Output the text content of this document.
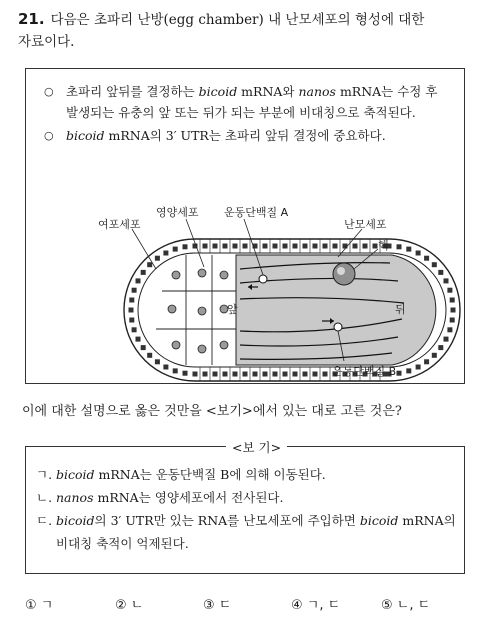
21. 다음은 초파리 난방(egg chamber) 내 난모세포의 형성에 대한
자료이다.
○ 초파리 앞뒤를 결정하는 bicoid mRNA와 nanos mRNA는 수정 후 발생되는 유충의 앞 또는 뒤가 되는 부분에 비대칭으로 축적된다.
○ bicoid mRNA의 3′ UTR는 초파리 앞뒤 결정에 중요하다.
여포세포
영양세포 운동단백질 A
난모세포
핵
앞	뒤
운동단백질 B
이에 대한 설명으로 옳은 것만을 <보기>에서 있는 대로 고른 것은?
<보 기>
ㄱ. bicoid mRNA는 운동단백질 B에 의해 이동된다.
ㄴ. nanos mRNA는 영양세포에서 전사된다.
ㄷ. bicoid의 3′ UTR만 있는 RNA를 난모세포에 주입하면 bicoid mRNA의 비대칭 축적이 억제된다.
① ㄱ	② ㄴ	③ ㄷ	④ ㄱ, ㄷ	⑤ ㄴ, ㄷ
